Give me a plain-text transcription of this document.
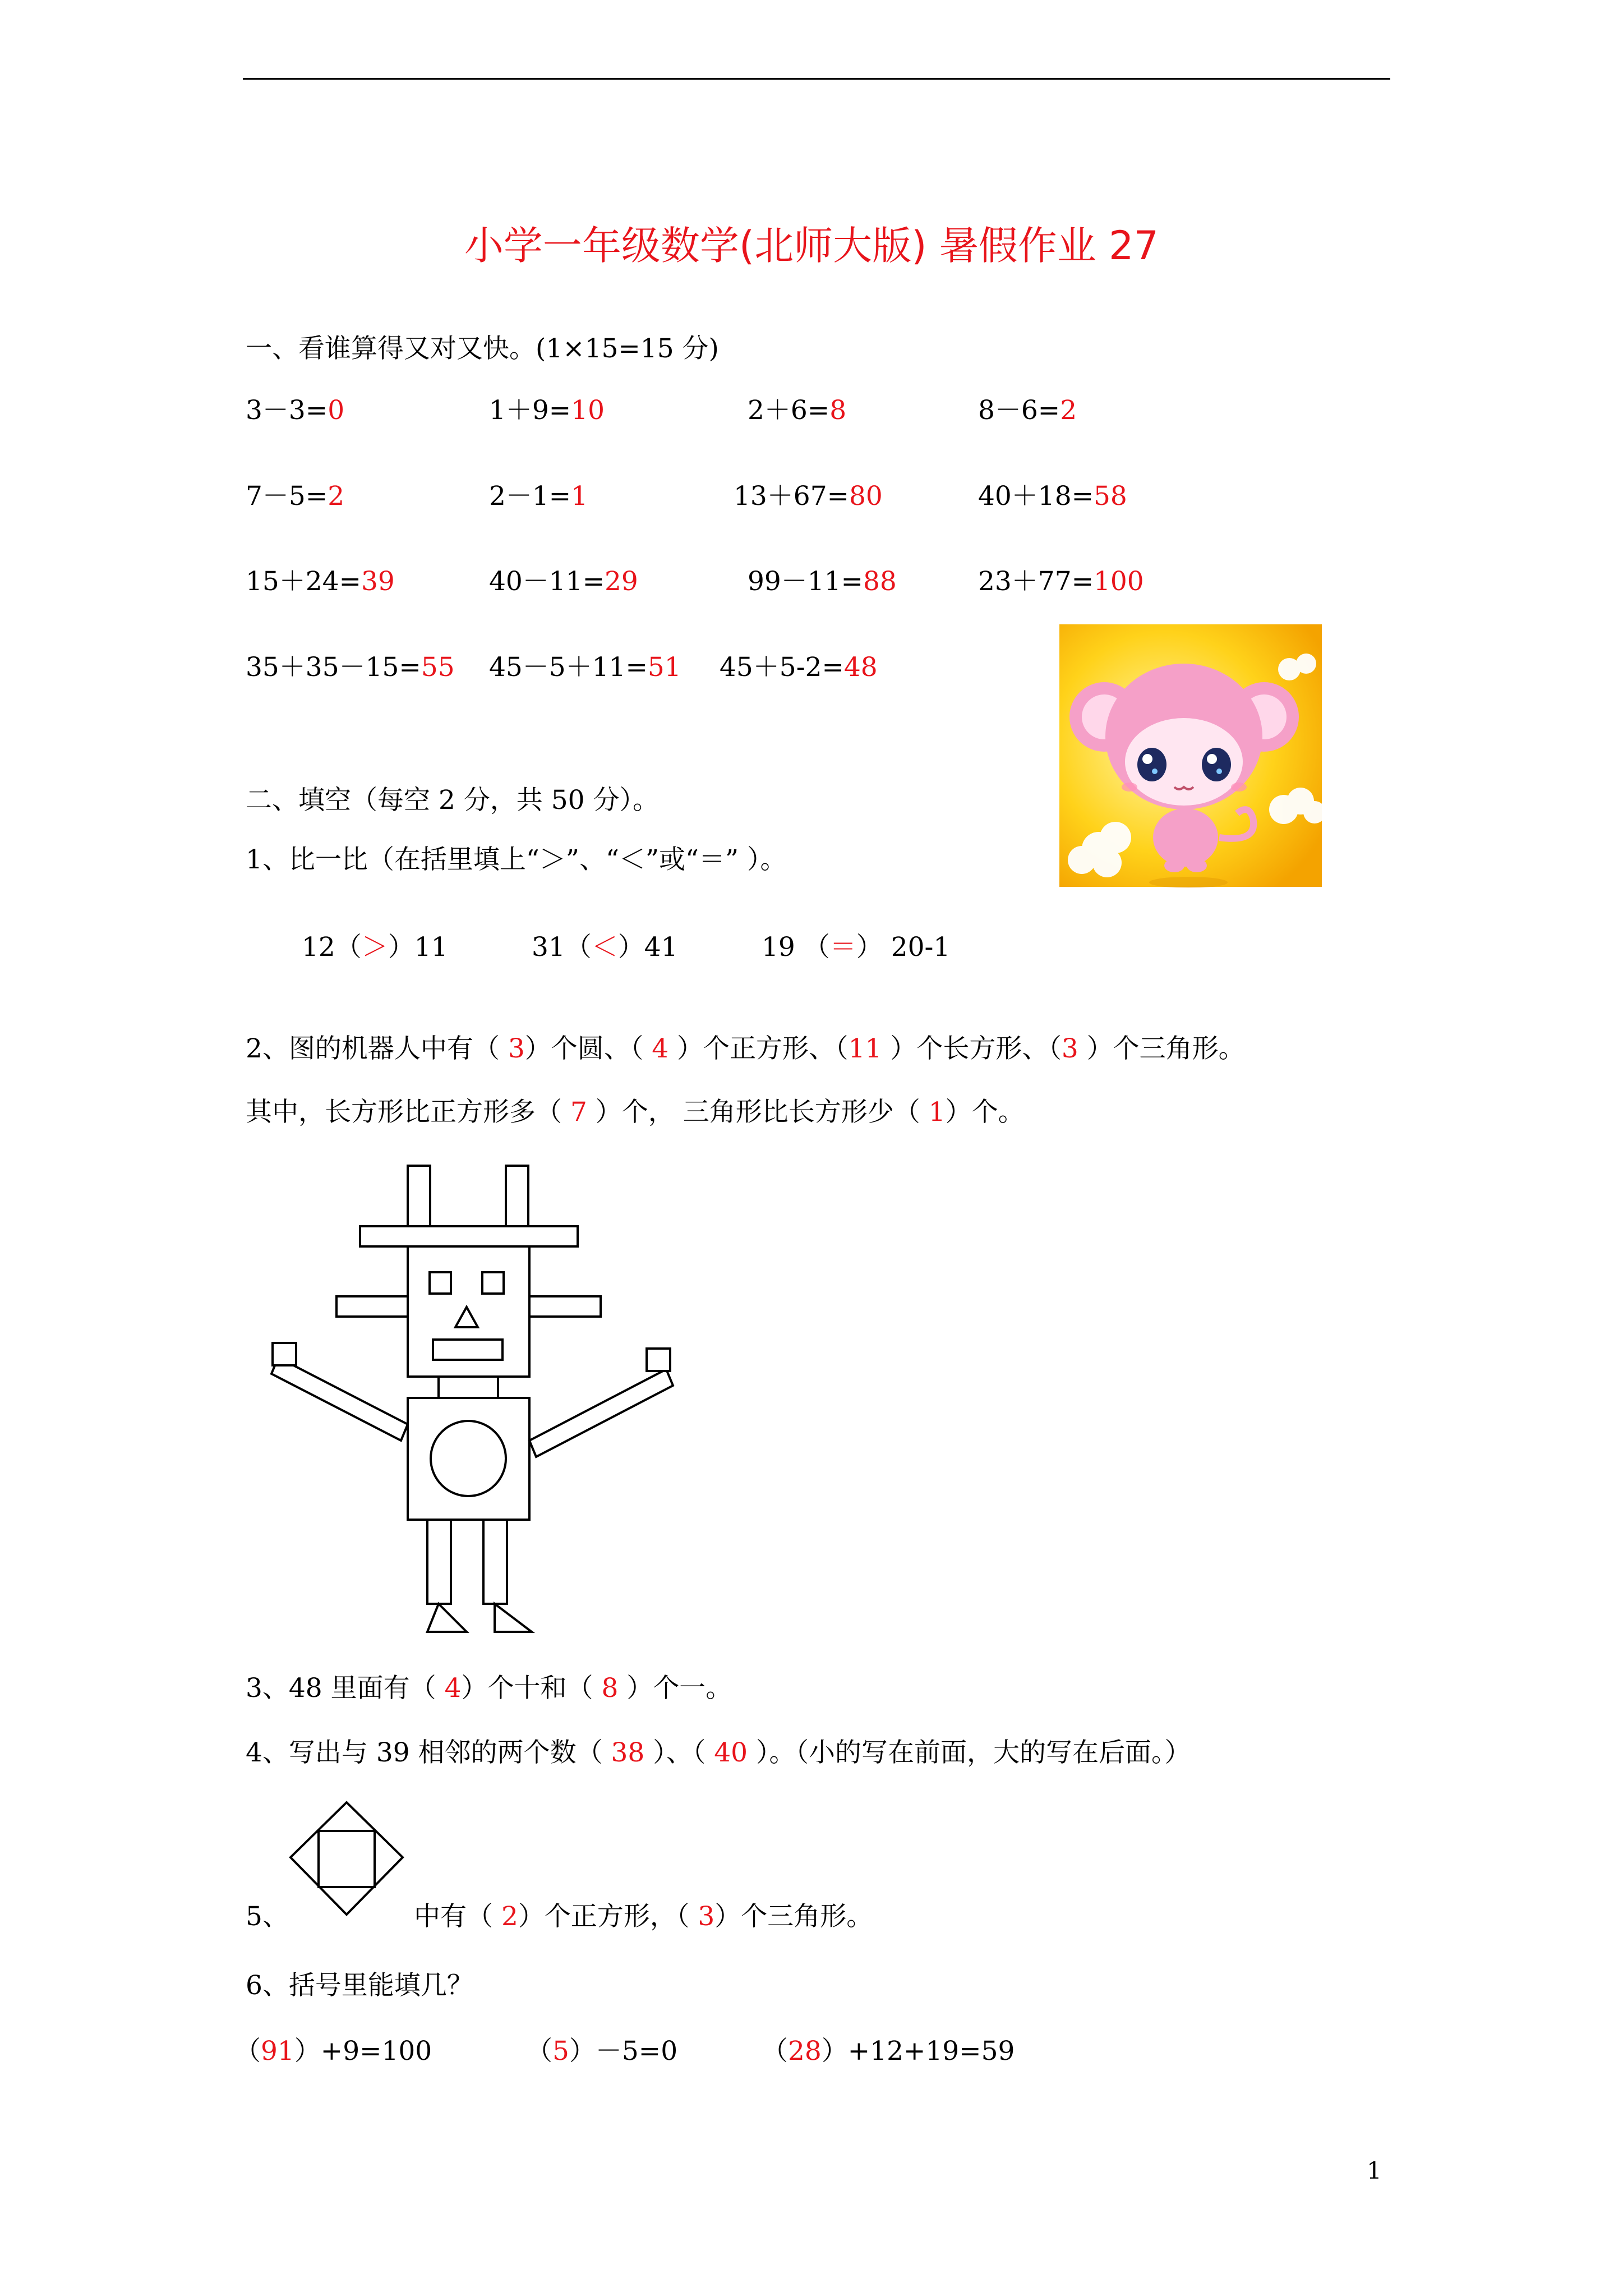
小学一年级数学(北师大版) 暑假作业 27
一、看谁算得又对又快。(1×15=15 分)
3－3=0	1＋9=10	2＋6=8	8－6=2
7－5=2	2－1=1	13＋67=80	40＋18=58
15＋24=39	40－11=29	99－11=88	23＋77=100
35＋35－15=55 45－5＋11=51 45＋5-2=48
二、填空（每空 2 分，共 50 分）。
1、比一比（在括里填上“＞”、“＜”或“＝” ）。
12（＞）11	31（＜）41	19 （＝） 20-1
2、图的机器人中有（ 3）个圆、（ 4 ）个正方形、（11 ）个长方形、（3 ）个三角形。
其中，长方形比正方形多（ 7 ）个， 三角形比长方形少（ 1）个。
3、48 里面有（ 4）个十和（ 8 ）个一。
4、写出与 39 相邻的两个数（ 38 ）、（ 40 ）。（小的写在前面，大的写在后面。）
5、	中有（ 2）个正方形，（ 3）个三角形。
6、括号里能填几？
（91）+9=100	（5）－5=0	（28）+12+19=59
1
